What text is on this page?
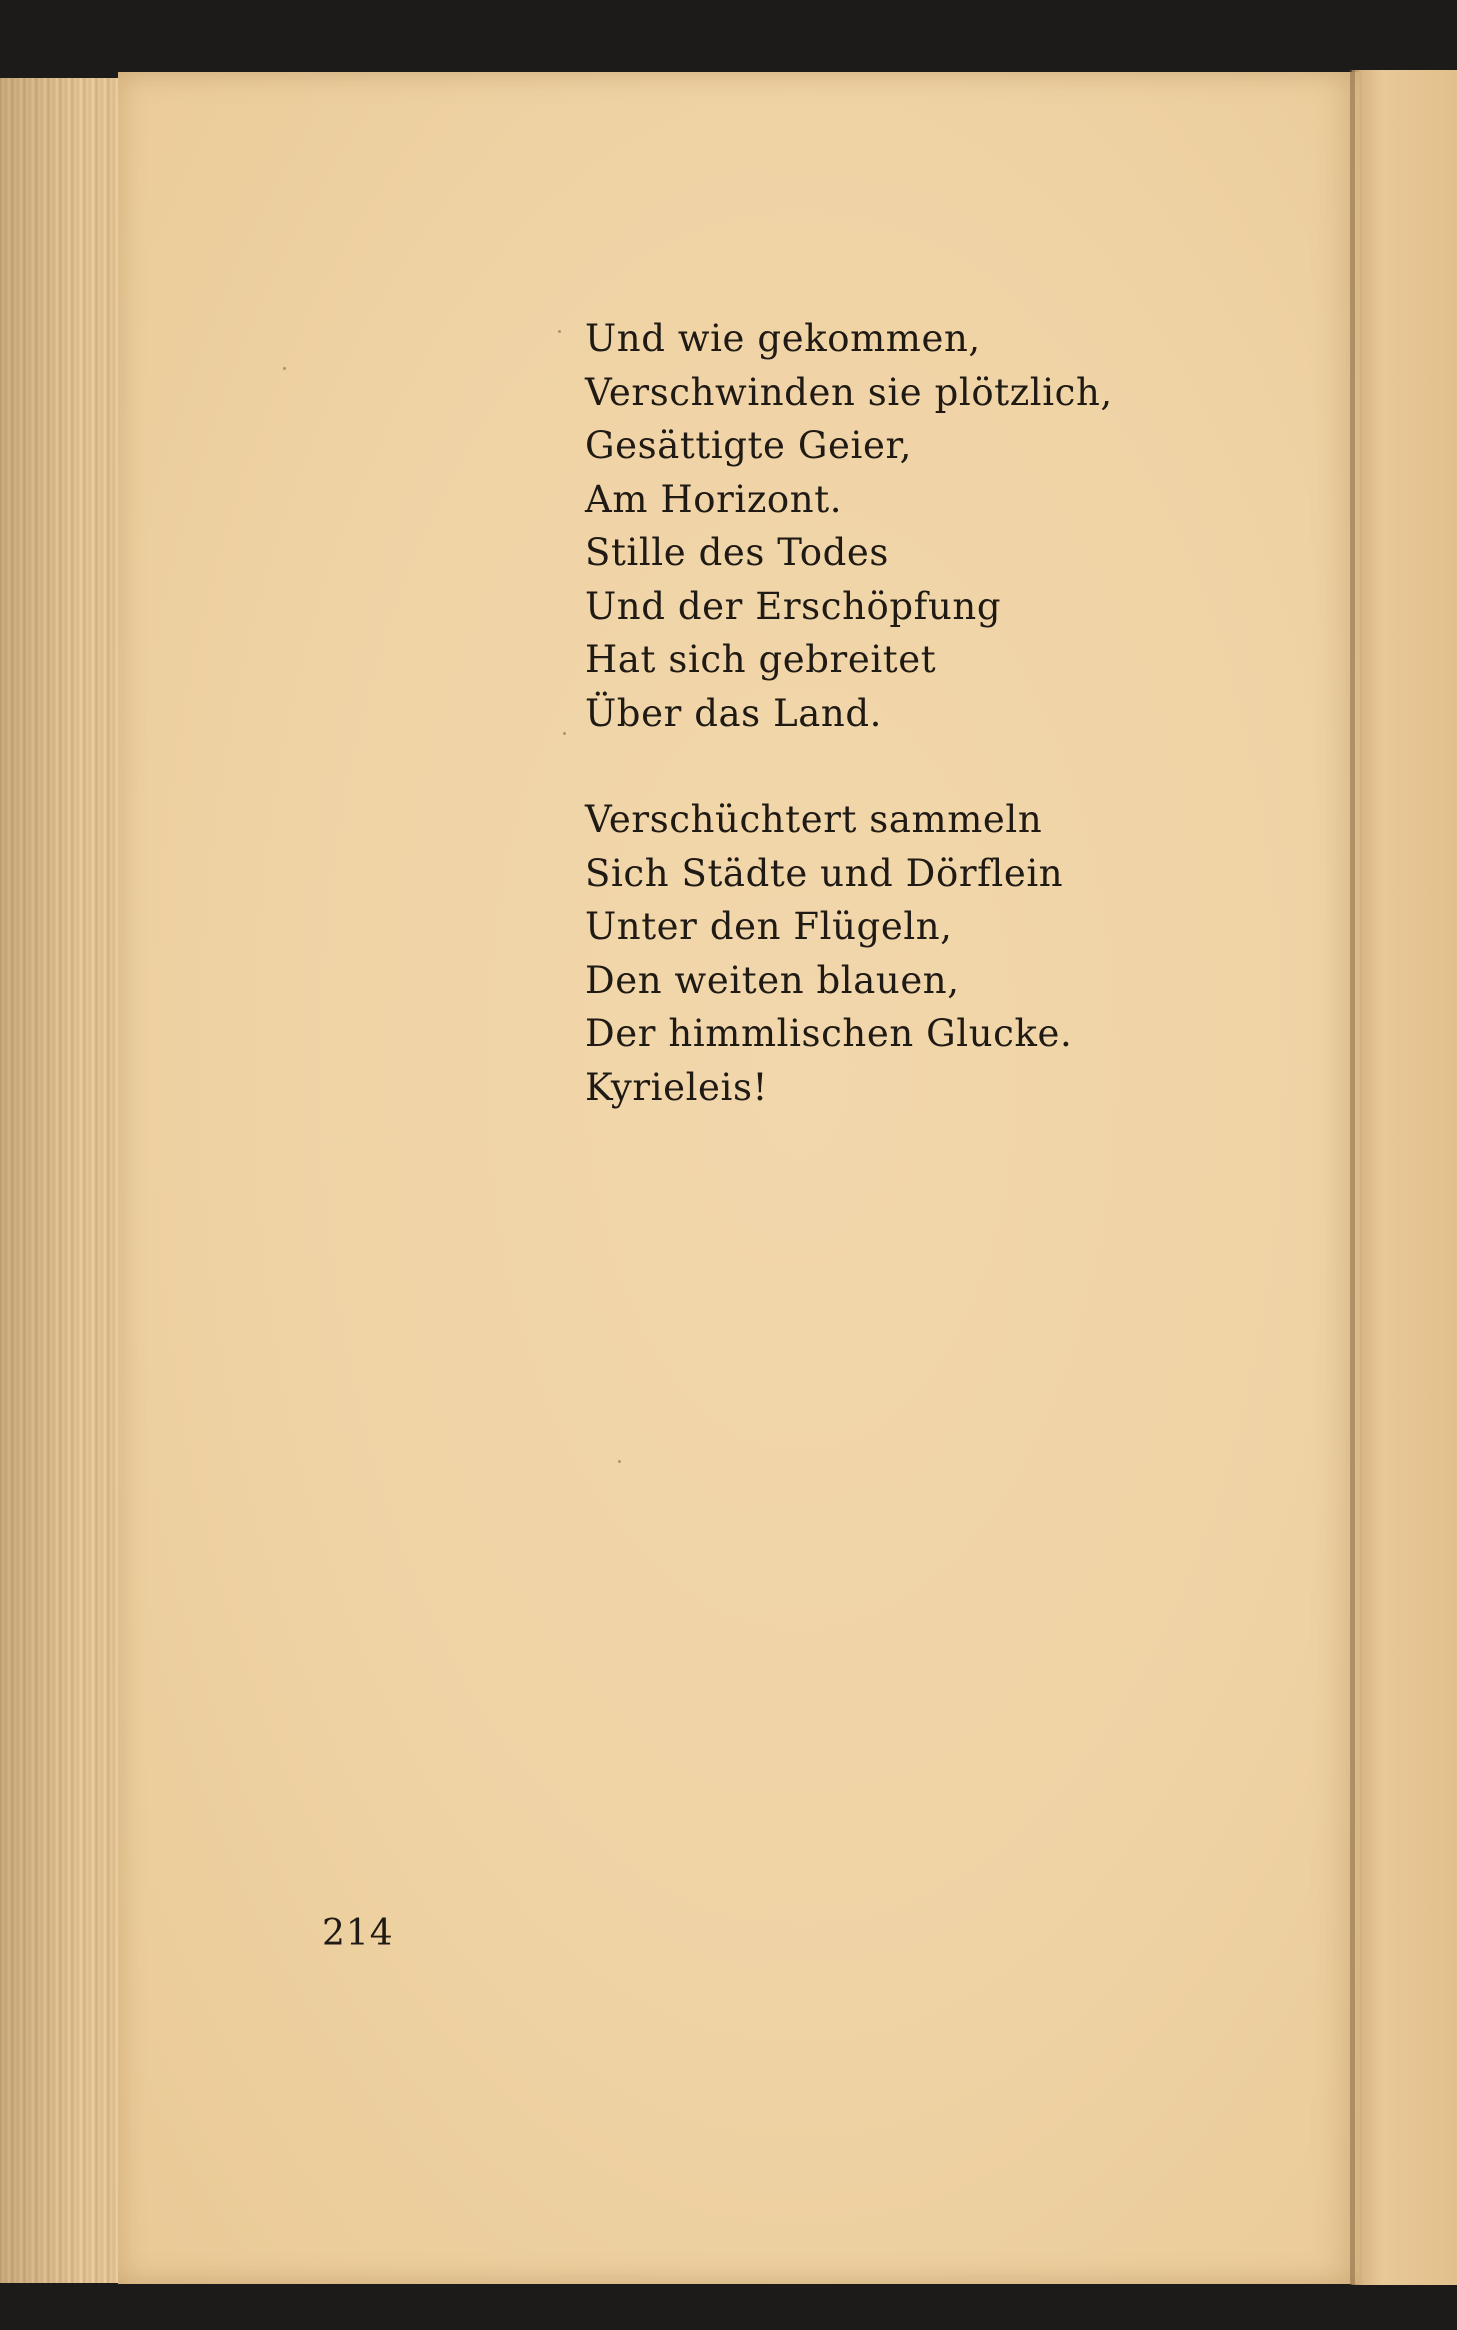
Und wie gekommen,
Verschwinden sie plötzlich,
Gesättigte Geier,
Am Horizont.
Stille des Todes
Und der Erschöpfung
Hat sich gebreitet
Über das Land.
Verschüchtert sammeln
Sich Städte und Dörflein
Unter den Flügeln,
Den weiten blauen,
Der himmlischen Glucke.
Kyrieleis!
214
